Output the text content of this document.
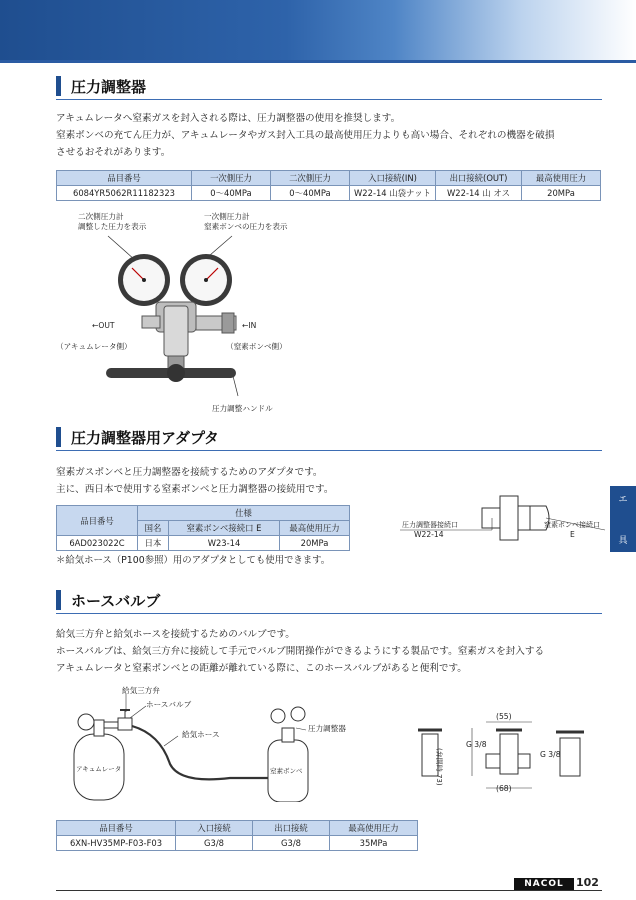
エ
具
圧力調整器
アキュムレータへ窒素ガスを封入される際は、圧力調整器の使用を推奨します。
窒素ボンベの充てん圧力が、アキュムレータやガス封入工具の最高使用圧力よりも高い場合、それぞれの機器を破損
させるおそれがあります。
品目番号	一次側圧力	二次側圧力	入口接続(IN)	出口接続(OUT)	最高使用圧力
6084YR5062R11182323	0〜40MPa	0〜40MPa	W22-14 山袋ナット	W22-14 山 オス	20MPa
二次側圧力計
調整した圧力を表示
一次側圧力計
窒素ボンベの圧力を表示
←OUT	←IN
（アキュムレータ側）	（窒素ボンベ側）
圧力調整ハンドル
圧力調整器用アダプタ
窒素ガスボンベと圧力調整器を接続するためのアダプタです。
主に、西日本で使用する窒素ボンベと圧力調整器の接続用です。
品目番号	仕様		
	国名	窒素ボンベ接続口 E	最高使用圧力
6AD023022C	日本	W23-14	20MPa
＊給気ホース（P100参照）用のアダプタとしても使用できます。
圧力調整器接続口
W22-14
窒素ボンベ接続口
E
ホースバルブ
給気三方弁と給気ホースを接続するためのバルブです。
ホースバルブは、給気三方弁に接続して手元でバルブ開閉操作ができるようにする製品です。窒素ガスを封入する
アキュムレータと窒素ボンベとの距離が離れている際に、このホースバルブがあると便利です。
給気三方弁
ホースバルブ
給気ホース
圧力調整器
アキュムレータ	窒素ボンベ
(55)
(68)
(弁開時 73)
G 3/8
G 3/8
品目番号	入口接続	出口接続	最高使用圧力
6XN-HV35MP-F03-F03	G3/8	G3/8	35MPa
NACOL	102
